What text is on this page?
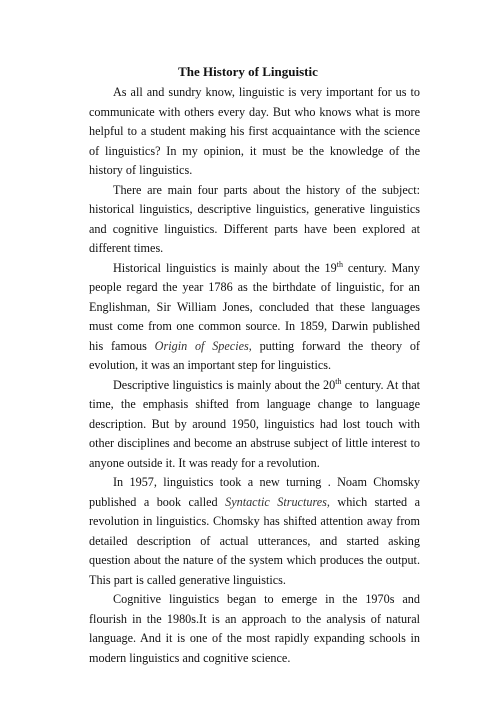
The History of Linguistic

As all and sundry know, linguistic is very important for us to communicate with others every day. But who knows what is more helpful to a student making his first acquaintance with the science of linguistics? In my opinion, it must be the knowledge of the history of linguistics.

There are main four parts about the history of the subject: historical linguistics, descriptive linguistics, generative linguistics and cognitive linguistics. Different parts have been explored at different times.

Historical linguistics is mainly about the 19th century. Many people regard the year 1786 as the birthdate of linguistic, for an Englishman, Sir William Jones, concluded that these languages must come from one common source. In 1859, Darwin published his famous Origin of Species, putting forward the theory of evolution, it was an important step for linguistics.

Descriptive linguistics is mainly about the 20th century. At that time, the emphasis shifted from language change to language description. But by around 1950, linguistics had lost touch with other disciplines and become an abstruse subject of little interest to anyone outside it. It was ready for a revolution.

In 1957, linguistics took a new turning . Noam Chomsky published a book called Syntactic Structures, which started a revolution in linguistics. Chomsky has shifted attention away from detailed description of actual utterances, and started asking question about the nature of the system which produces the output. This part is called generative linguistics.

Cognitive linguistics began to emerge in the 1970s and flourish in the 1980s.It is an approach to the analysis of natural language. And it is one of the most rapidly expanding schools in modern linguistics and cognitive science.
